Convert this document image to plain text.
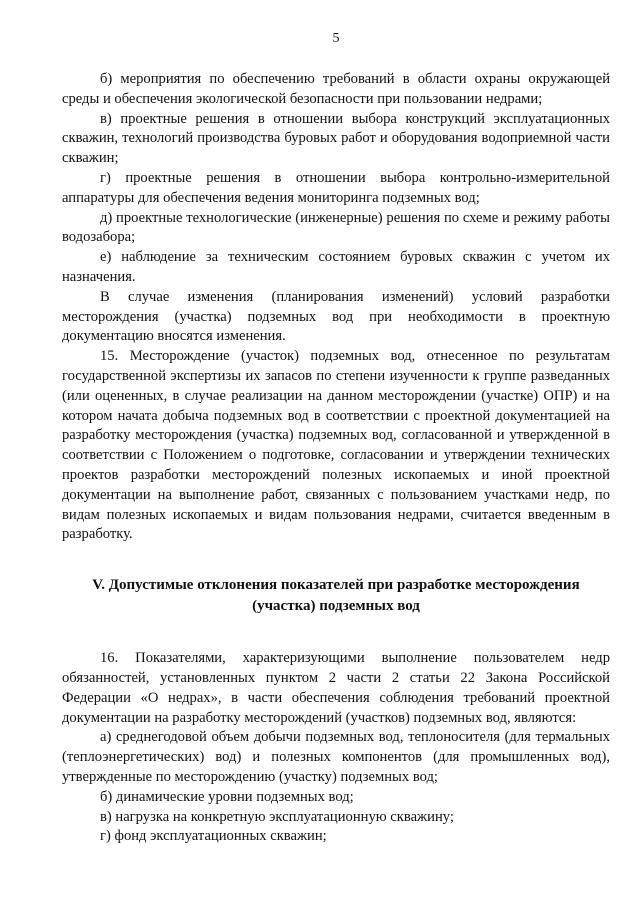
5

б) мероприятия по обеспечению требований в области охраны окружающей среды и обеспечения экологической безопасности при пользовании недрами;

в) проектные решения в отношении выбора конструкций эксплуатационных скважин, технологий производства буровых работ и оборудования водоприемной части скважин;

г) проектные решения в отношении выбора контрольно-измерительной аппаратуры для обеспечения ведения мониторинга подземных вод;

д) проектные технологические (инженерные) решения по схеме и режиму работы водозабора;

е) наблюдение за техническим состоянием буровых скважин с учетом их назначения.

В случае изменения (планирования изменений) условий разработки месторождения (участка) подземных вод при необходимости в проектную документацию вносятся изменения.

15. Месторождение (участок) подземных вод, отнесенное по результатам государственной экспертизы их запасов по степени изученности к группе разведанных (или оцененных, в случае реализации на данном месторождении (участке) ОПР) и на котором начата добыча подземных вод в соответствии с проектной документацией на разработку месторождения (участка) подземных вод, согласованной и утвержденной в соответствии с Положением о подготовке, согласовании и утверждении технических проектов разработки месторождений полезных ископаемых и иной проектной документации на выполнение работ, связанных с пользованием участками недр, по видам полезных ископаемых и видам пользования недрами, считается введенным в разработку.

V. Допустимые отклонения показателей при разработке месторождения

(участка) подземных вод

16. Показателями, характеризующими выполнение пользователем недр обязанностей, установленных пунктом 2 части 2 статьи 22 Закона Российской Федерации «О недрах», в части обеспечения соблюдения требований проектной документации на разработку месторождений (участков) подземных вод, являются:

а) среднегодовой объем добычи подземных вод, теплоносителя (для термальных (теплоэнергетических) вод) и полезных компонентов (для промышленных вод), утвержденные по месторождению (участку) подземных вод;

б) динамические уровни подземных вод;

в) нагрузка на конкретную эксплуатационную скважину;

г) фонд эксплуатационных скважин;
